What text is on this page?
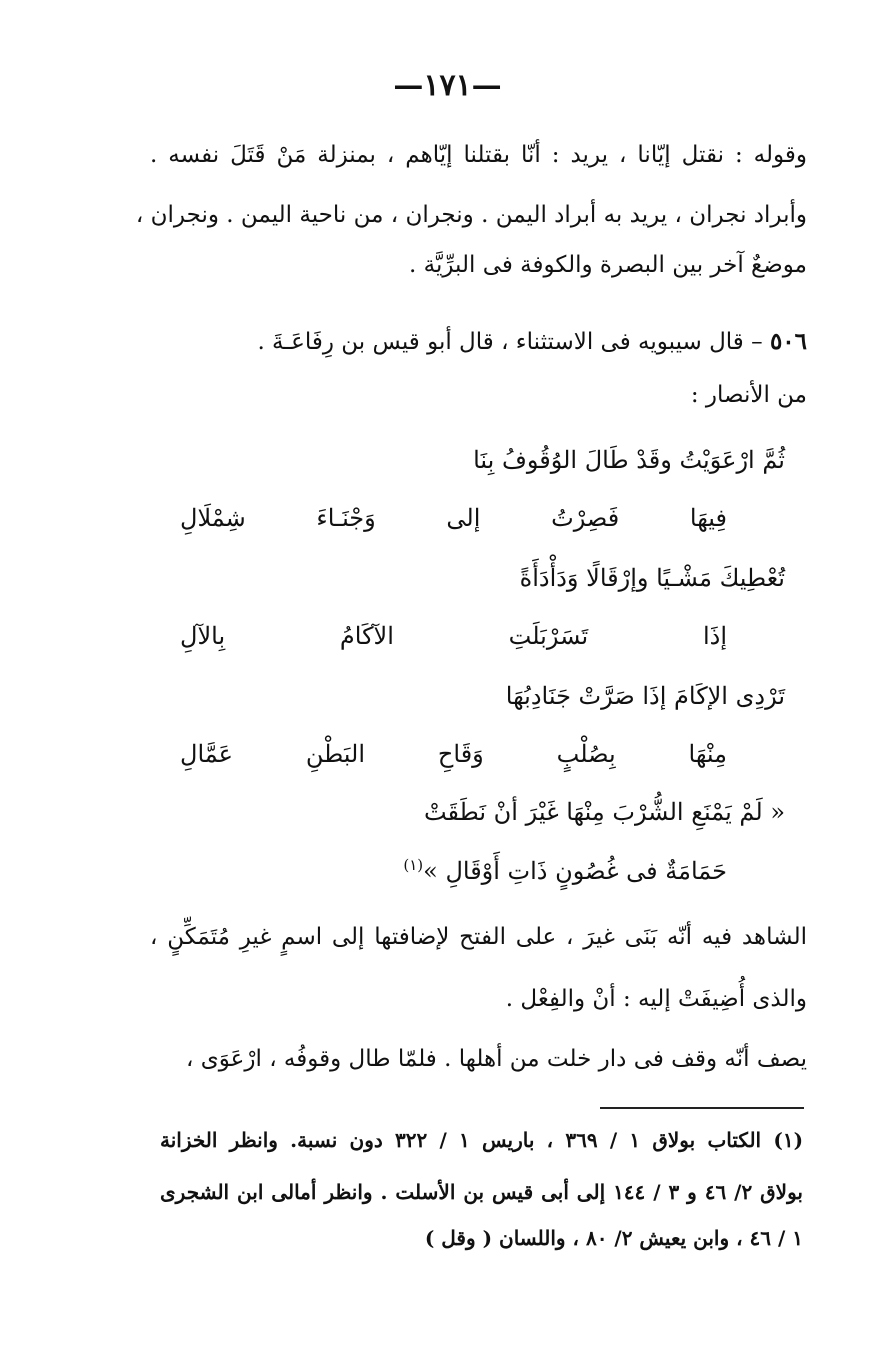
—١٧١—
وقوله : نقتل إيّانا ، يريد : أنّا بقتلنا إيّاهم ، بمنزلة مَنْ قَتَلَ نفسه .
وأبراد نجران ، يريد به أبراد اليمن . ونجران ، من ناحية اليمن . ونجران ،
موضعٌ آخر بين البصرة والكوفة فى البرِّيَّة .
٥٠٦ – قال سيبويه فى الاستثناء ، قال أبو قيس بن رِفَاعَـةَ .
من الأنصار :
ثُمَّ ارْعَوَيْتُ وقَدْ طَالَ الوُقُوفُ بِنَا
فِيهَا فَصِرْتُ إلى وَجْنَـاءَ شِمْلَالِ
تُعْطِيكَ مَشْـيًا وإرْقَالًا وَدَأْدَأَةً
إذَا تَسَرْبَلَتِ الآكَامُ بِالآلِ
تَرْدِى الإكَامَ إذَا صَرَّتْ جَنَادِبُهَا
مِنْهَا بِصُلْبٍ وَقَاحِ البَطْنِ عَمَّالِ
« لَمْ يَمْنَعِ الشُّرْبَ مِنْهَا غَيْرَ أنْ نَطَقَتْ
حَمَامَةٌ فى غُصُونٍ ذَاتِ أَوْقَالِ »$^{(١)}$
الشاهد فيه أنّه بَنَى غيرَ ، على الفتح لإضافتها إلى اسمٍ غيرِ مُتَمَكِّنٍ ،
والذى أُضِيفَتْ إليه : أنْ والفِعْل .
يصف أنّه وقف فى دار خلت من أهلها . فلمّا طال وقوفُه ، ارْعَوَى ،
(١) الكتاب بولاق ١ / ٣٦٩ ، باريس ١ / ٣٢٢ دون نسبة. وانظر الخزانة
بولاق ٢/ ٤٦ و ٣ / ١٤٤ إلى أبى قيس بن الأسلت . وانظر أمالى ابن الشجرى
١ / ٤٦ ، وابن يعيش ٢/ ٨٠ ، واللسان ( وقل )
